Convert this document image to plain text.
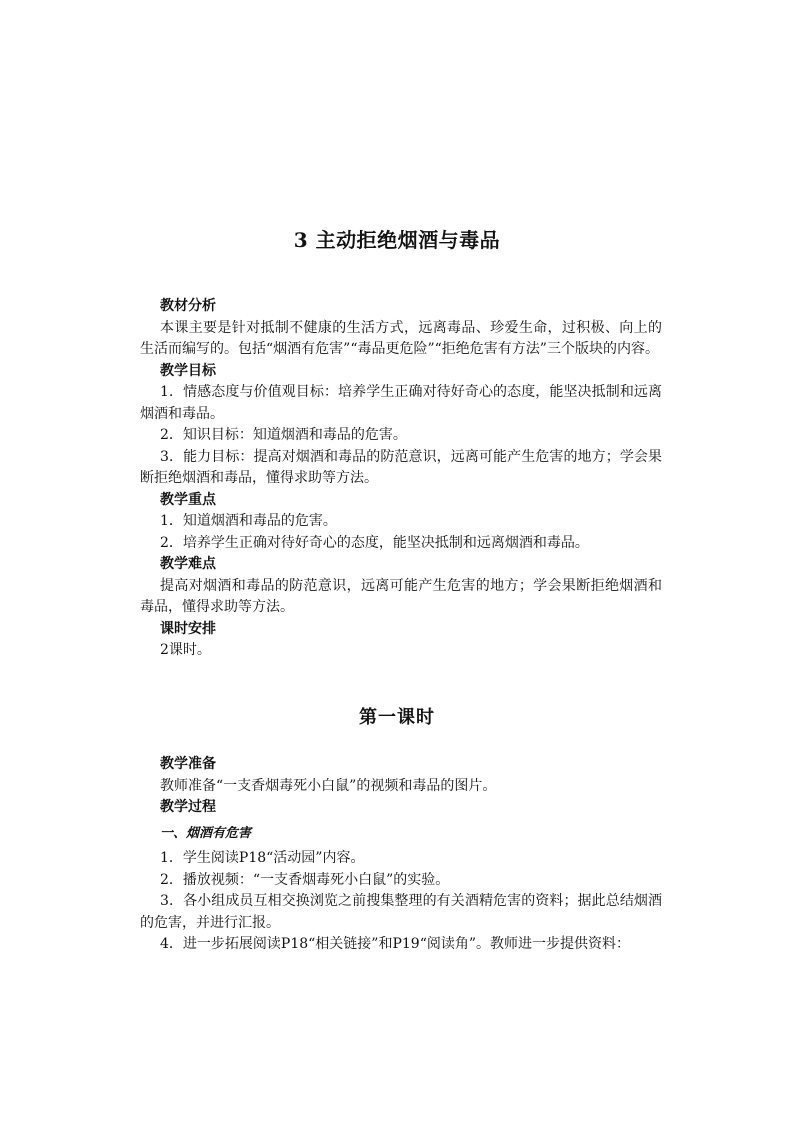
3 主动拒绝烟酒与毒品

教材分析

本课主要是针对抵制不健康的生活方式，远离毒品、珍爱生命，过积极、向上的生活而编写的。包括“烟酒有危害”“毒品更危险”“拒绝危害有方法”三个版块的内容。

教学目标

1．情感态度与价值观目标：培养学生正确对待好奇心的态度，能坚决抵制和远离烟酒和毒品。

2．知识目标：知道烟酒和毒品的危害。

3．能力目标：提高对烟酒和毒品的防范意识，远离可能产生危害的地方；学会果断拒绝烟酒和毒品，懂得求助等方法。

教学重点

1．知道烟酒和毒品的危害。

2．培养学生正确对待好奇心的态度，能坚决抵制和远离烟酒和毒品。

教学难点

提高对烟酒和毒品的防范意识，远离可能产生危害的地方；学会果断拒绝烟酒和毒品，懂得求助等方法。

课时安排

2课时。

第一课时

教学准备

教师准备“一支香烟毒死小白鼠”的视频和毒品的图片。

教学过程

一、烟酒有危害

1．学生阅读P18“活动园”内容。

2．播放视频：“一支香烟毒死小白鼠”的实验。

3．各小组成员互相交换浏览之前搜集整理的有关酒精危害的资料；据此总结烟酒的危害，并进行汇报。

4．进一步拓展阅读P18“相关链接”和P19“阅读角”。教师进一步提供资料：
